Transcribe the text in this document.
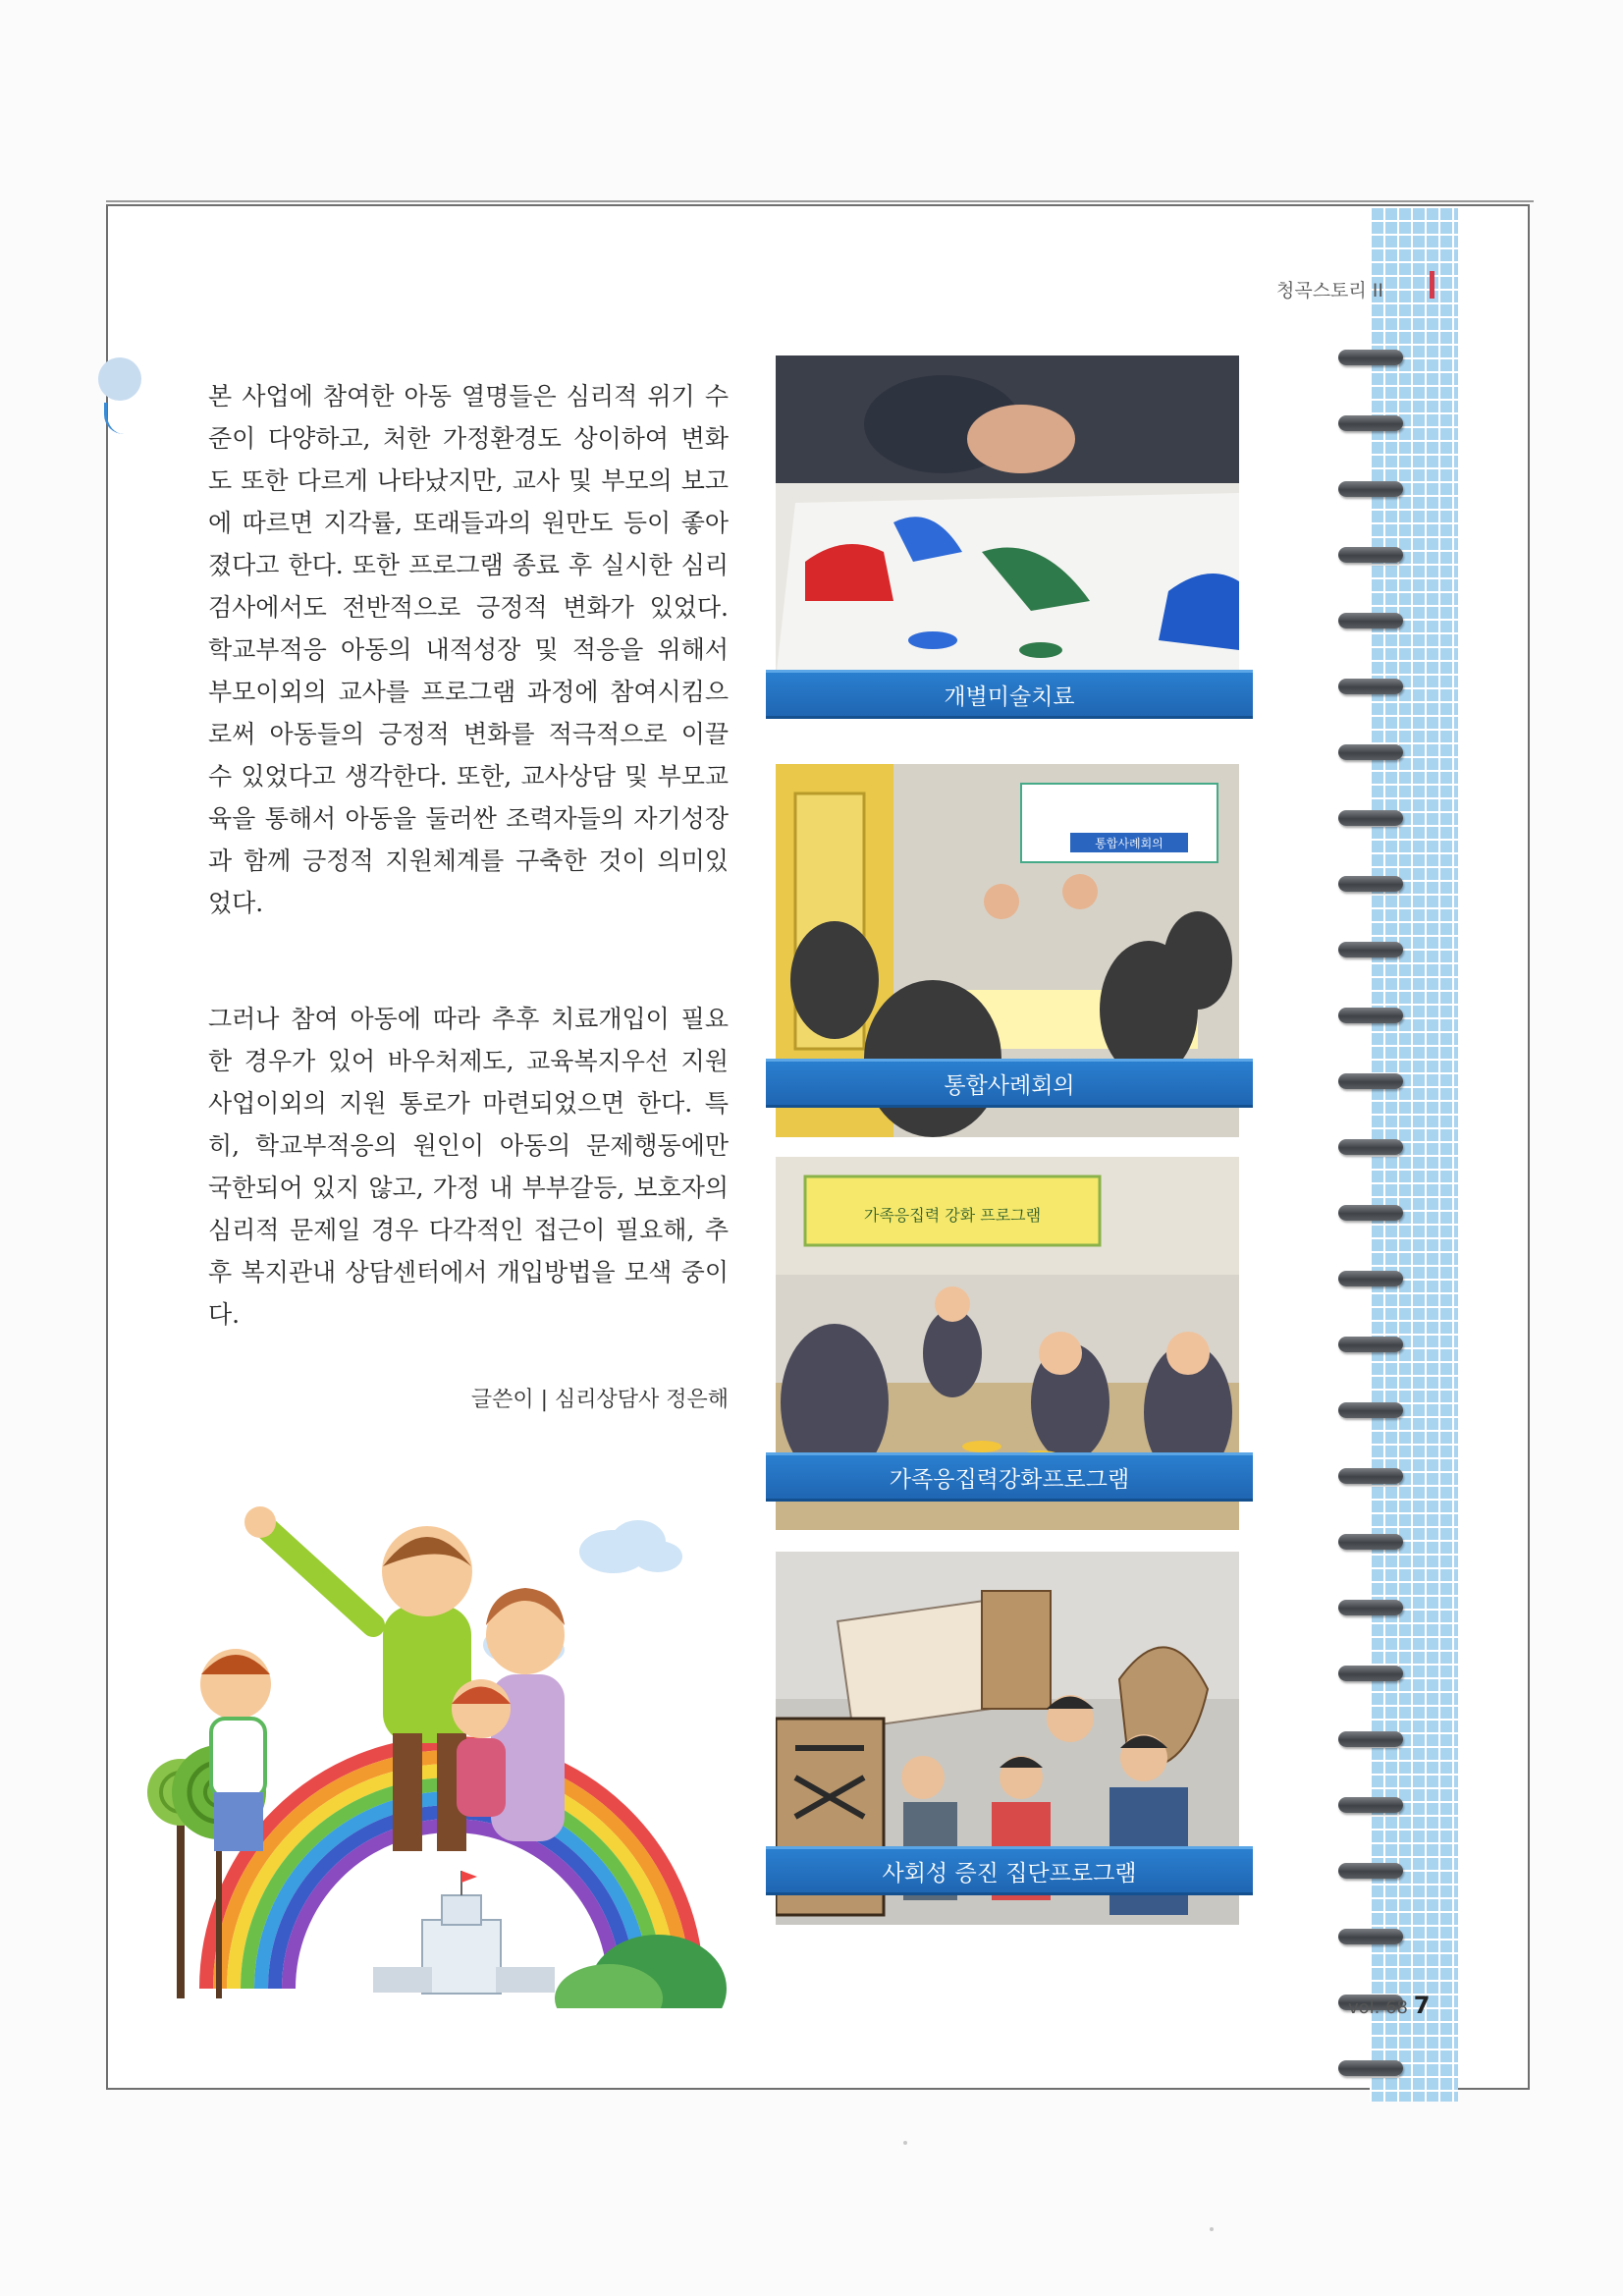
청곡스토리 II

본 사업에 참여한 아동 열명들은 심리적 위기 수준이 다양하고, 처한 가정환경도 상이하여 변화도 또한 다르게 나타났지만, 교사 및 부모의 보고에 따르면 지각률, 또래들과의 원만도 등이 좋아졌다고 한다. 또한 프로그램 종료 후 실시한 심리검사에서도 전반적으로 긍정적 변화가 있었다. 학교부적응 아동의 내적성장 및 적응을 위해서 부모이외의 교사를 프로그램 과정에 참여시킴으로써 아동들의 긍정적 변화를 적극적으로 이끌 수 있었다고 생각한다. 또한, 교사상담 및 부모교육을 통해서 아동을 둘러싼 조력자들의 자기성장과 함께 긍정적 지원체계를 구축한 것이 의미있었다.

그러나 참여 아동에 따라 추후 치료개입이 필요한 경우가 있어 바우처제도, 교육복지우선 지원사업이외의 지원 통로가 마련되었으면 한다. 특히, 학교부적응의 원인이 아동의 문제행동에만 국한되어 있지 않고, 가정 내 부부갈등, 보호자의 심리적 문제일 경우 다각적인 접근이 필요해, 추후 복지관내 상담센터에서 개입방법을 모색 중이다.

글쓴이 | 심리상담사 정은해
개별미술치료
통합사례회의
통합사례회의
가족응집력 강화 프로그램
가족응집력강화프로그램
사회성 증진 집단프로그램
vol. 68 7
